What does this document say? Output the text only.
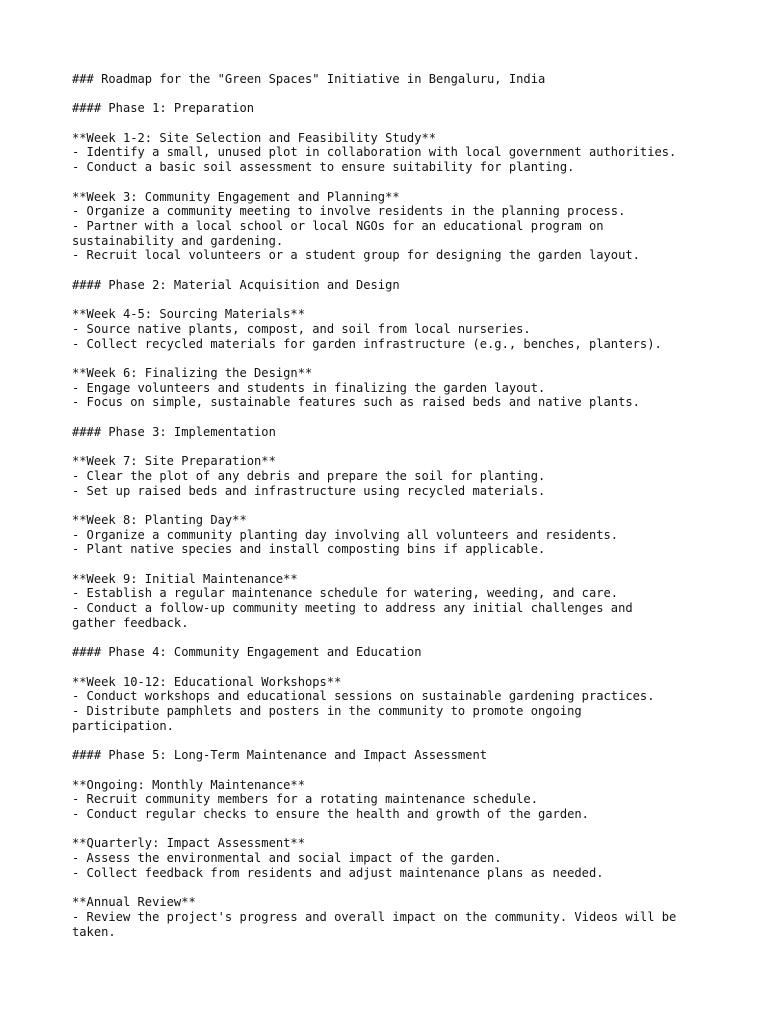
### Roadmap for the "Green Spaces" Initiative in Bengaluru, India
#### Phase 1: Preparation
**Week 1-2: Site Selection and Feasibility Study**
- Identify a small, unused plot in collaboration with local government authorities.
- Conduct a basic soil assessment to ensure suitability for planting.
**Week 3: Community Engagement and Planning**
- Organize a community meeting to involve residents in the planning process.
- Partner with a local school or local NGOs for an educational program on
sustainability and gardening.
- Recruit local volunteers or a student group for designing the garden layout.
#### Phase 2: Material Acquisition and Design
**Week 4-5: Sourcing Materials**
- Source native plants, compost, and soil from local nurseries.
- Collect recycled materials for garden infrastructure (e.g., benches, planters).
**Week 6: Finalizing the Design**
- Engage volunteers and students in finalizing the garden layout.
- Focus on simple, sustainable features such as raised beds and native plants.
#### Phase 3: Implementation
**Week 7: Site Preparation**
- Clear the plot of any debris and prepare the soil for planting.
- Set up raised beds and infrastructure using recycled materials.
**Week 8: Planting Day**
- Organize a community planting day involving all volunteers and residents.
- Plant native species and install composting bins if applicable.
**Week 9: Initial Maintenance**
- Establish a regular maintenance schedule for watering, weeding, and care.
- Conduct a follow-up community meeting to address any initial challenges and
gather feedback.
#### Phase 4: Community Engagement and Education
**Week 10-12: Educational Workshops**
- Conduct workshops and educational sessions on sustainable gardening practices.
- Distribute pamphlets and posters in the community to promote ongoing
participation.
#### Phase 5: Long-Term Maintenance and Impact Assessment
**Ongoing: Monthly Maintenance**
- Recruit community members for a rotating maintenance schedule.
- Conduct regular checks to ensure the health and growth of the garden.
**Quarterly: Impact Assessment**
- Assess the environmental and social impact of the garden.
- Collect feedback from residents and adjust maintenance plans as needed.
**Annual Review**
- Review the project's progress and overall impact on the community. Videos will be
taken.
